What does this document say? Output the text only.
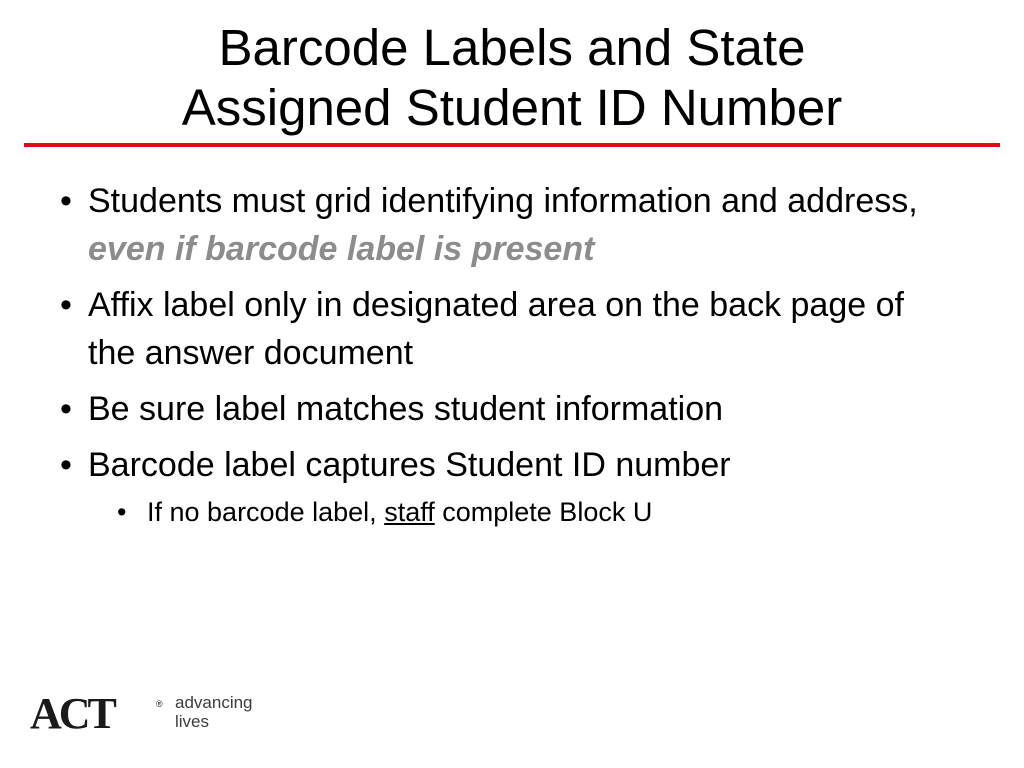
Barcode Labels and State
Assigned Student ID Number
• Students must grid identifying information and address, even if barcode label is present
• Affix label only in designated area on the back page of the answer document
• Be sure label matches student information
• Barcode label captures Student ID number
• If no barcode label, staff complete Block U
ACT	® advancing
lives
